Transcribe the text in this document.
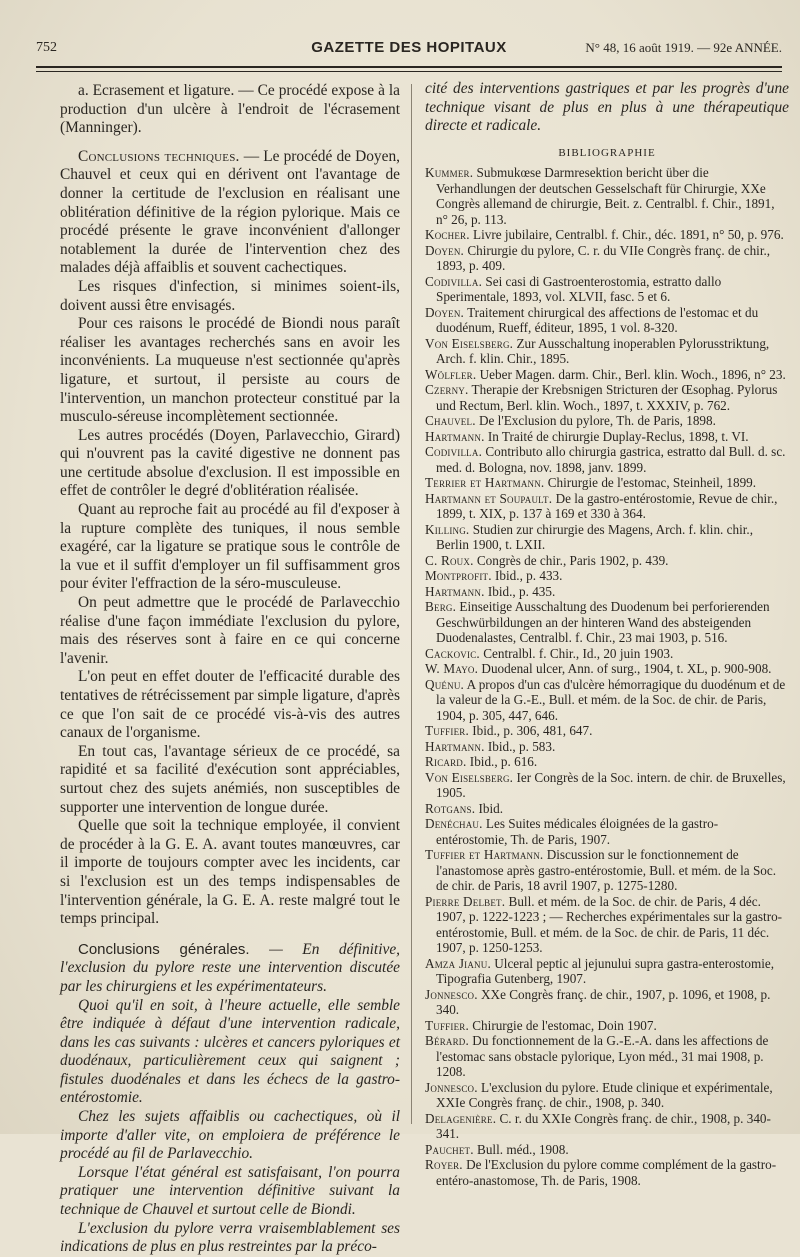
752	GAZETTE DES HOPITAUX	N° 48, 16 août 1919. — 92e ANNÉE.

a. Ecrasement et ligature. — Ce procédé expose à la production d'un ulcère à l'endroit de l'écrasement (Manninger).

Conclusions techniques. — Le procédé de Doyen, Chauvel et ceux qui en dérivent ont l'avantage de donner la certitude de l'exclusion en réalisant une oblitération définitive de la région pylorique. Mais ce procédé présente le grave inconvénient d'allonger notablement la durée de l'intervention chez des malades déjà affaiblis et souvent cachectiques.

Les risques d'infection, si minimes soient-ils, doivent aussi être envisagés.

Pour ces raisons le procédé de Biondi nous paraît réaliser les avantages recherchés sans en avoir les inconvénients. La muqueuse n'est sectionnée qu'après ligature, et surtout, il persiste au cours de l'intervention, un manchon protecteur constitué par la musculo-séreuse incomplètement sectionnée.

Les autres procédés (Doyen, Parlavecchio, Girard) qui n'ouvrent pas la cavité digestive ne donnent pas une certitude absolue d'exclusion. Il est impossible en effet de contrôler le degré d'oblitération réalisée.

Quant au reproche fait au procédé au fil d'exposer à la rupture complète des tuniques, il nous semble exagéré, car la ligature se pratique sous le contrôle de la vue et il suffit d'employer un fil suffisamment gros pour éviter l'effraction de la séro-musculeuse.

On peut admettre que le procédé de Parlavecchio réalise d'une façon immédiate l'exclusion du pylore, mais des réserves sont à faire en ce qui concerne l'avenir.

L'on peut en effet douter de l'efficacité durable des tentatives de rétrécissement par simple ligature, d'après ce que l'on sait de ce procédé vis-à-vis des autres canaux de l'organisme.

En tout cas, l'avantage sérieux de ce procédé, sa rapidité et sa facilité d'exécution sont appréciables, surtout chez des sujets anémiés, non susceptibles de supporter une intervention de longue durée.

Quelle que soit la technique employée, il convient de procéder à la G. E. A. avant toutes manœuvres, car il importe de toujours compter avec les incidents, car si l'exclusion est un des temps indispensables de l'intervention générale, la G. E. A. reste malgré tout le temps principal.

Conclusions générales. — En définitive, l'exclusion du pylore reste une intervention discutée par les chirurgiens et les expérimentateurs.

Quoi qu'il en soit, à l'heure actuelle, elle semble être indiquée à défaut d'une intervention radicale, dans les cas suivants : ulcères et cancers pyloriques et duodénaux, particulièrement ceux qui saignent ; fistules duodénales et dans les échecs de la gastro-entérostomie.

Chez les sujets affaiblis ou cachectiques, où il importe d'aller vite, on emploiera de préférence le procédé au fil de Parlavecchio.

Lorsque l'état général est satisfaisant, l'on pourra pratiquer une intervention définitive suivant la technique de Chauvel et surtout celle de Biondi.

L'exclusion du pylore verra vraisemblablement ses indications de plus en plus restreintes par la préco-

cité des interventions gastriques et par les progrès d'une technique visant de plus en plus à une thérapeutique directe et radicale.

BIBLIOGRAPHIE

Kummer. Submukœse Darmresektion bericht über die Verhandlungen der deutschen Gesselschaft für Chirurgie, XXe Congrès allemand de chirurgie, Beit. z. Centralbl. f. Chir., 1891, n° 26, p. 113.

Kocher. Livre jubilaire, Centralbl. f. Chir., déc. 1891, n° 50, p. 976.

Doyen. Chirurgie du pylore, C. r. du VIIe Congrès franç. de chir., 1893, p. 409.

Codivilla. Sei casi di Gastroenterostomia, estratto dallo Sperimentale, 1893, vol. XLVII, fasc. 5 et 6.

Doyen. Traitement chirurgical des affections de l'estomac et du duodénum, Rueff, éditeur, 1895, 1 vol. 8-320.

Von Eiselsberg. Zur Ausschaltung inoperablen Pylorusstriktung, Arch. f. klin. Chir., 1895.

Wölfler. Ueber Magen. darm. Chir., Berl. klin. Woch., 1896, n° 23.

Czerny. Therapie der Krebsnigen Stricturen der Œsophag. Pylorus und Rectum, Berl. klin. Woch., 1897, t. XXXIV, p. 762.

Chauvel. De l'Exclusion du pylore, Th. de Paris, 1898.

Hartmann. In Traité de chirurgie Duplay-Reclus, 1898, t. VI.

Codivilla. Contributo allo chirurgia gastrica, estratto dal Bull. d. sc. med. d. Bologna, nov. 1898, janv. 1899.

Terrier et Hartmann. Chirurgie de l'estomac, Steinheil, 1899.

Hartmann et Soupault. De la gastro-entérostomie, Revue de chir., 1899, t. XIX, p. 137 à 169 et 330 à 364.

Killing. Studien zur chirurgie des Magens, Arch. f. klin. chir., Berlin 1900, t. LXII.

C. Roux. Congrès de chir., Paris 1902, p. 439.

Montprofit. Ibid., p. 433.

Hartmann. Ibid., p. 435.

Berg. Einseitige Ausschaltung des Duodenum bei perforierenden Geschwürbildungen an der hinteren Wand des absteigenden Duodenalastes, Centralbl. f. Chir., 23 mai 1903, p. 516.

Cackovic. Centralbl. f. Chir., Id., 20 juin 1903.

W. Mayo. Duodenal ulcer, Ann. of surg., 1904, t. XL, p. 900-908.

Quénu. A propos d'un cas d'ulcère hémorragique du duodénum et de la valeur de la G.-E., Bull. et mém. de la Soc. de chir. de Paris, 1904, p. 305, 447, 646.

Tuffier. Ibid., p. 306, 481, 647.

Hartmann. Ibid., p. 583.

Ricard. Ibid., p. 616.

Von Eiselsberg. Ier Congrès de la Soc. intern. de chir. de Bruxelles, 1905.

Rotgans. Ibid.

Denéchau. Les Suites médicales éloignées de la gastro-entérostomie, Th. de Paris, 1907.

Tuffier et Hartmann. Discussion sur le fonctionnement de l'anastomose après gastro-entérostomie, Bull. et mém. de la Soc. de chir. de Paris, 18 avril 1907, p. 1275-1280.

Pierre Delbet. Bull. et mém. de la Soc. de chir. de Paris, 4 déc. 1907, p. 1222-1223 ; — Recherches expérimentales sur la gastro-entérostomie, Bull. et mém. de la Soc. de chir. de Paris, 11 déc. 1907, p. 1250-1253.

Amza Jianu. Ulceral peptic al jejunului supra gastra-enterostomie, Tipografia Gutenberg, 1907.

Jonnesco. XXe Congrès franç. de chir., 1907, p. 1096, et 1908, p. 340.

Tuffier. Chirurgie de l'estomac, Doin 1907.

Bérard. Du fonctionnement de la G.-E.-A. dans les affections de l'estomac sans obstacle pylorique, Lyon méd., 31 mai 1908, p. 1208.

Jonnesco. L'exclusion du pylore. Etude clinique et expérimentale, XXIe Congrès franç. de chir., 1908, p. 340.

Delagenière. C. r. du XXIe Congrès franç. de chir., 1908, p. 340-341.

Pauchet. Bull. méd., 1908.

Royer. De l'Exclusion du pylore comme complément de la gastro-entéro-anastomose, Th. de Paris, 1908.
